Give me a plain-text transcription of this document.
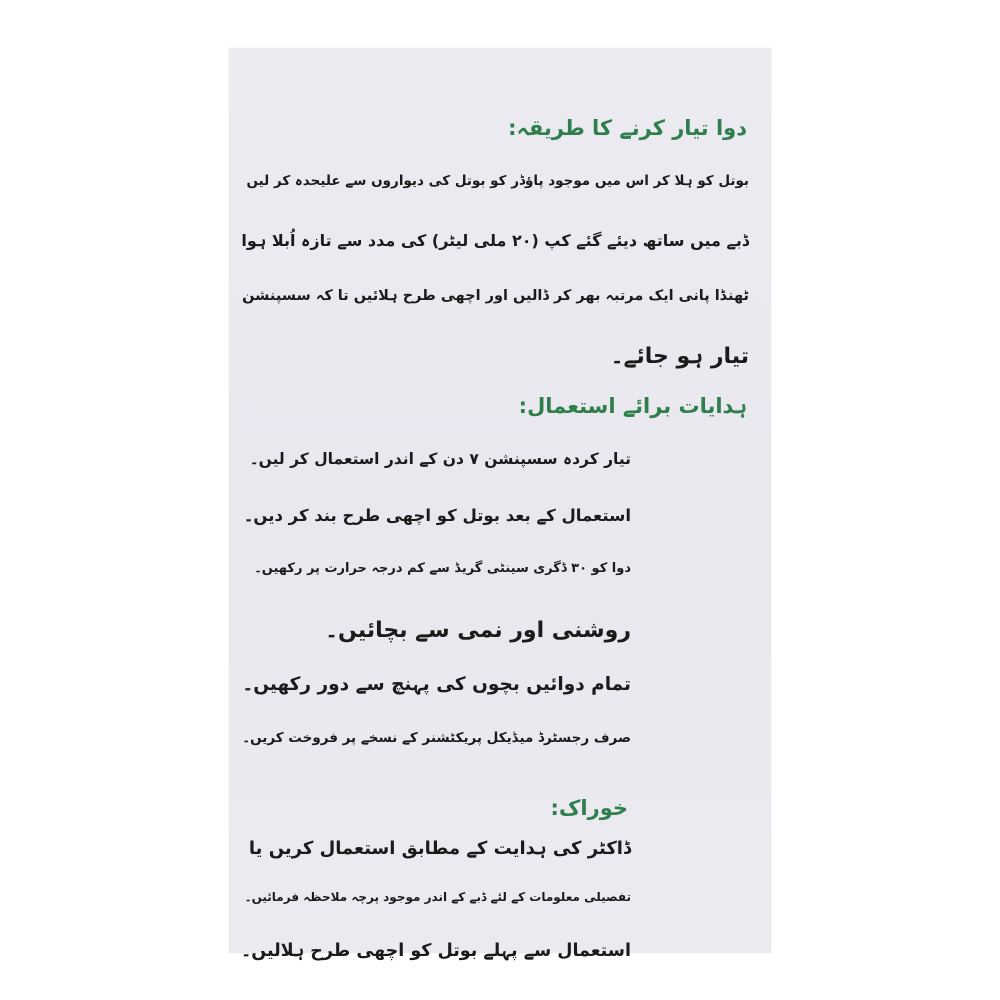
دوا تیار کرنے کا طریقہ:
بوتل کو ہلا کر اس میں موجود پاؤڈر کو بوتل کی دیواروں سے علیحدہ کر لیں
ڈبے میں ساتھ دیئے گئے کپ (۲۰ ملی لیٹر) کی مدد سے تازہ اُبلا ہوا
ٹھنڈا پانی ایک مرتبہ بھر کر ڈالیں اور اچھی طرح ہلائیں تا کہ سسپنشن
تیار ہو جائے۔
ہدایات برائے استعمال:
تیار کردہ سسپنشن ۷ دن کے اندر استعمال کر لیں۔
استعمال کے بعد بوتل کو اچھی طرح بند کر دیں۔
دوا کو ۳۰ ڈگری سینٹی گریڈ سے کم درجہ حرارت پر رکھیں۔
روشنی اور نمی سے بچائیں۔
تمام دوائیں بچوں کی پہنچ سے دور رکھیں۔
صرف رجسٹرڈ میڈیکل پریکٹشنر کے نسخے پر فروخت کریں۔
خوراک:
ڈاکٹر کی ہدایت کے مطابق استعمال کریں یا
تفصیلی معلومات کے لئے ڈبے کے اندر موجود پرچہ ملاحظہ فرمائیں۔
استعمال سے پہلے بوتل کو اچھی طرح ہلالیں۔
